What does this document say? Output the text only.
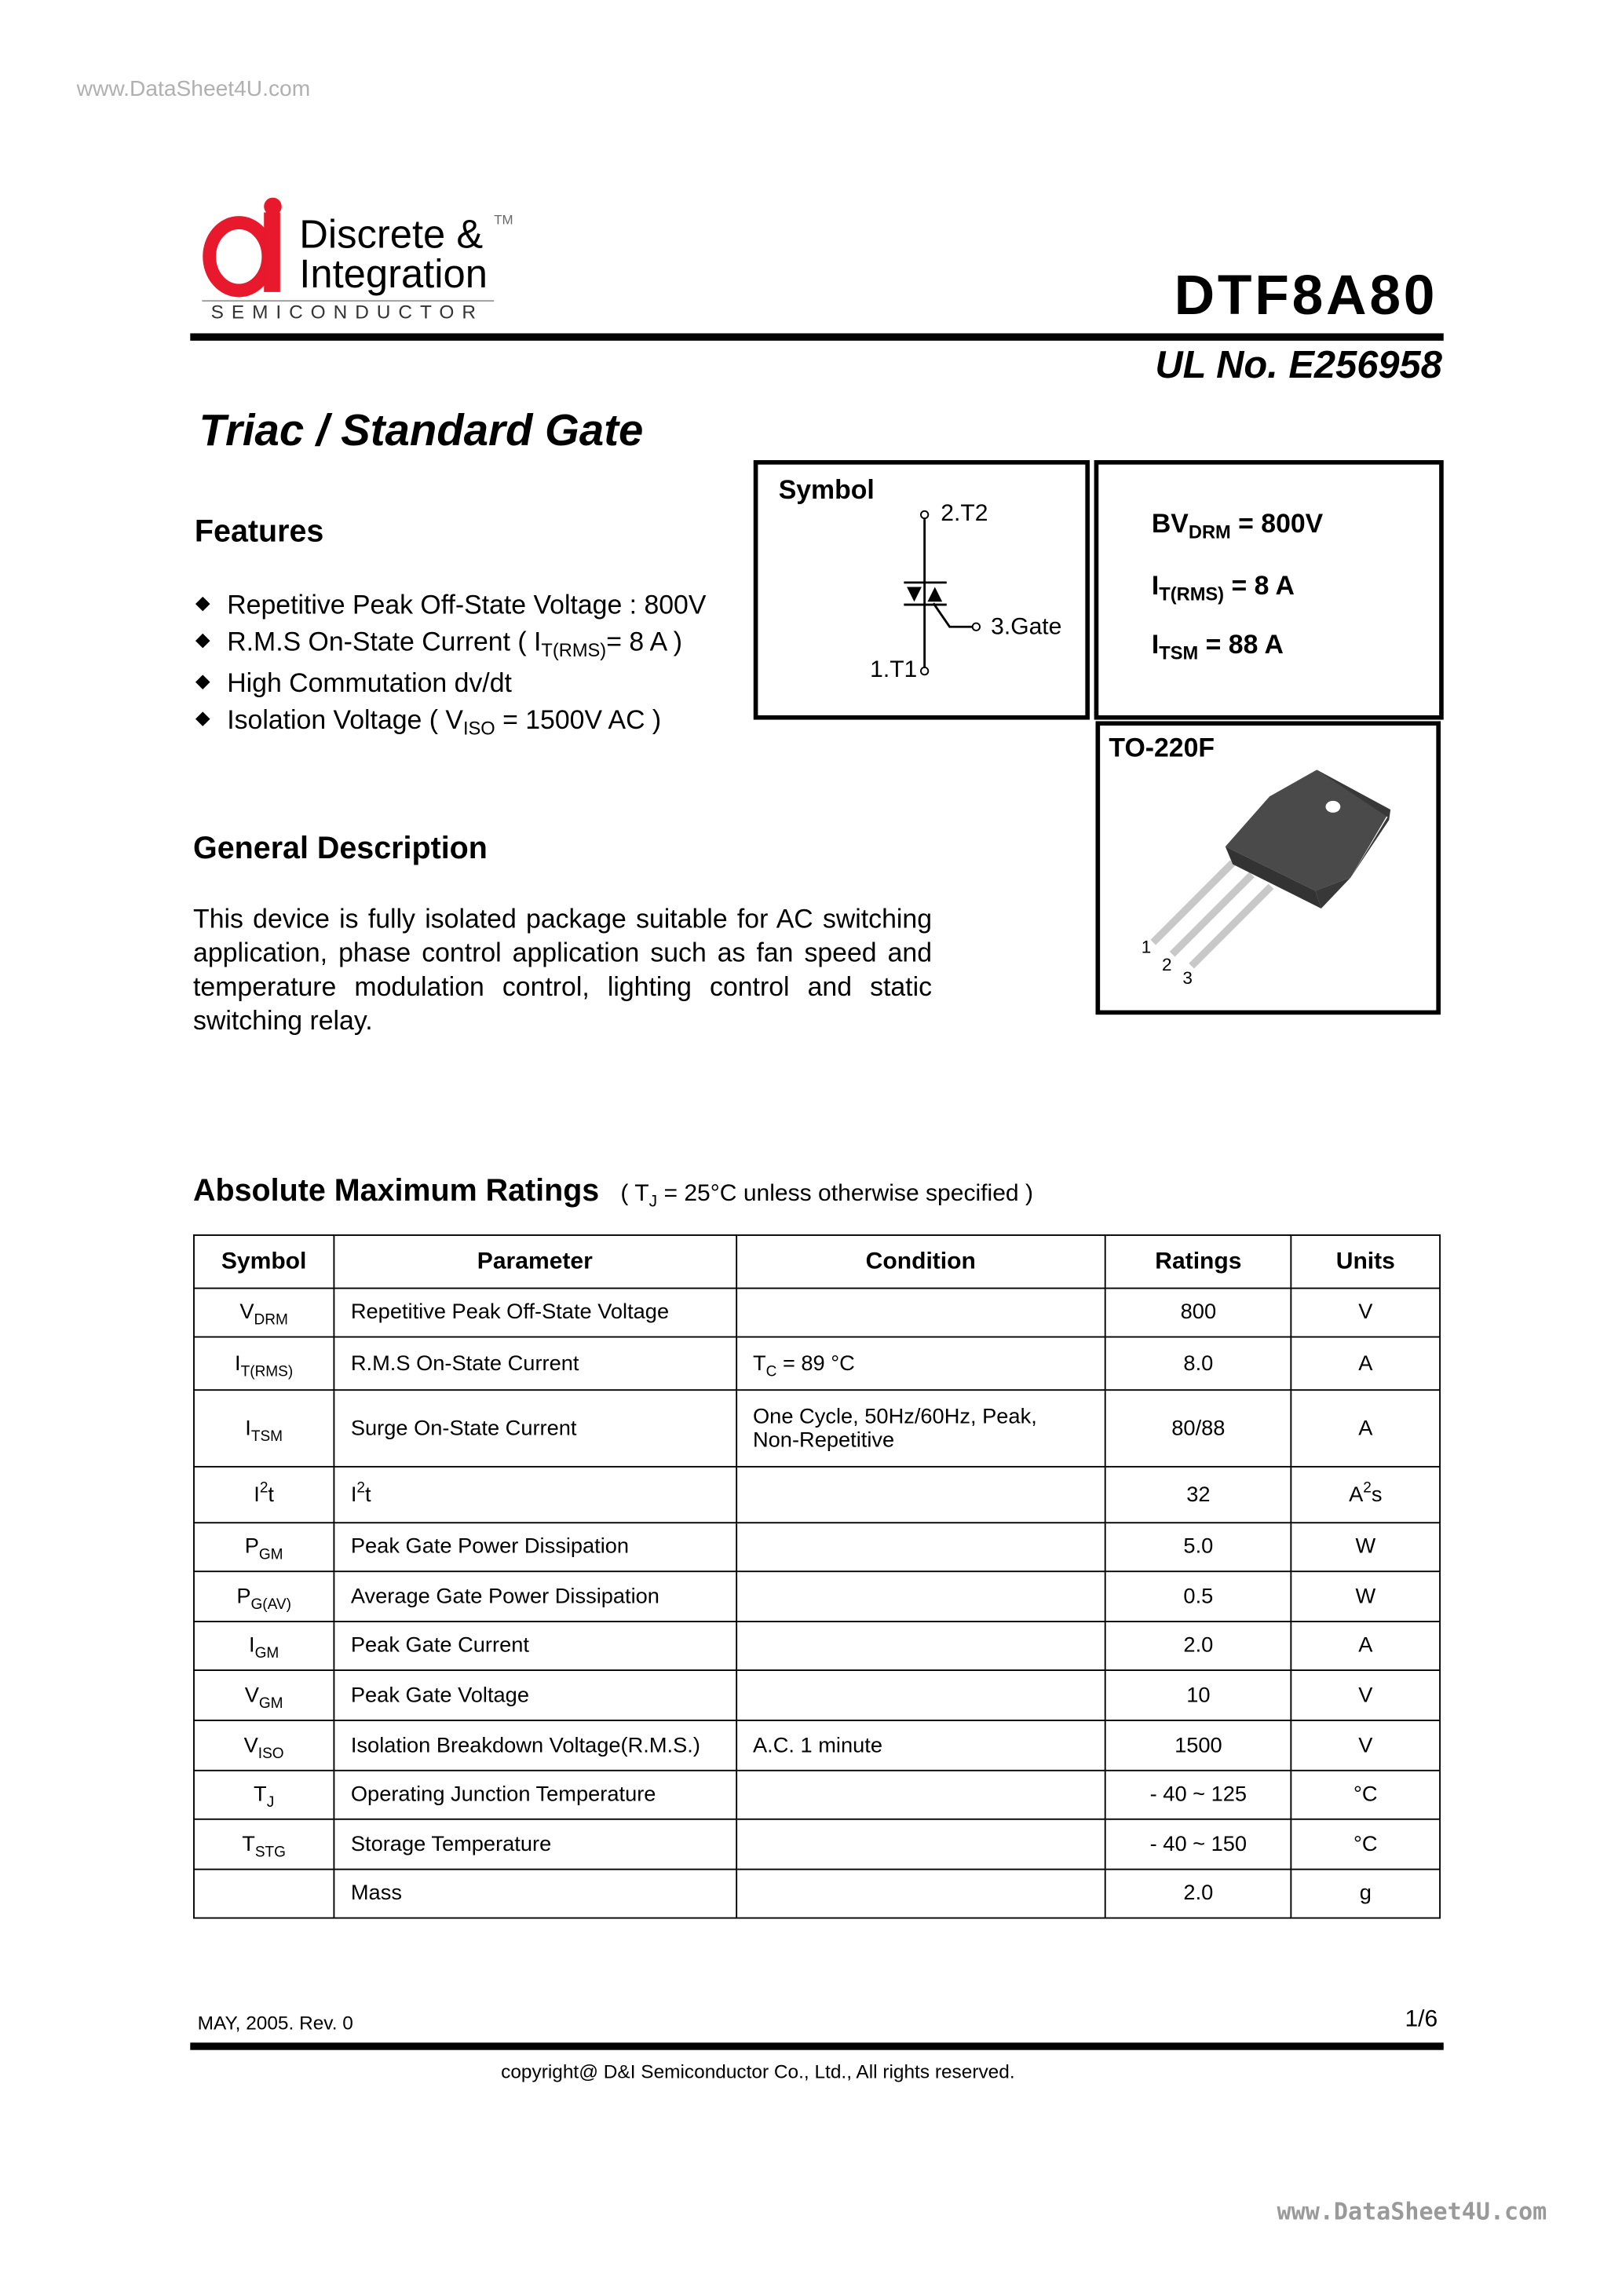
www.DataSheet4U.com
Discrete &
Integration
TM
SEMICONDUCTOR	DTF8A80
UL No. E256958
Triac / Standard Gate
Features
Repetitive Peak Off-State Voltage : 800V
R.M.S On-State Current ( $I_{T(RMS)}= 8$ A )
High Commutation dv/dt
Isolation Voltage ( $V_{ISO} = 1500V$ AC )
Symbol
2.T2
3.Gate
1.T1
$BV_{DRM} = 800V$
$I_{T(RMS)} = 8$ A
$I_{TSM} = 88$ A
TO-220F
1
2
3
General Description
This device is fully isolated package suitable for AC switching application, phase control application such as fan speed and temperature modulation control, lighting control and static switching relay.
Absolute Maximum Ratings ( $T_J = 25^\circ C$ unless otherwise specified )
Symbol	Parameter	Condition	Ratings	Units
$V_{DRM}$	Repetitive Peak Off-State Voltage		800	V
$I_{T(RMS)}$	R.M.S On-State Current	$T_C = 89$ °C	8.0	A
$I_{TSM}$	Surge On-State Current	One Cycle, 50Hz/60Hz, Peak,
Non-Repetitive	80/88	A
$I^2t$	$I^2t$		32	$A^2s$
$P_{GM}$	Peak Gate Power Dissipation		5.0	W
$P_{G(AV)}$	Average Gate Power Dissipation		0.5	W
$I_{GM}$	Peak Gate Current		2.0	A
$V_{GM}$	Peak Gate Voltage		10	V
$V_{ISO}$	Isolation Breakdown Voltage(R.M.S.)	A.C. 1 minute	1500	V
$T_J$	Operating Junction Temperature		- 40 ~ 125	°C
$T_{STG}$	Storage Temperature		- 40 ~ 150	°C
	Mass		2.0	g
MAY, 2005. Rev. 0	1/6
copyright@ D&I Semiconductor Co., Ltd., All rights reserved.
www.DataSheet4U.com
